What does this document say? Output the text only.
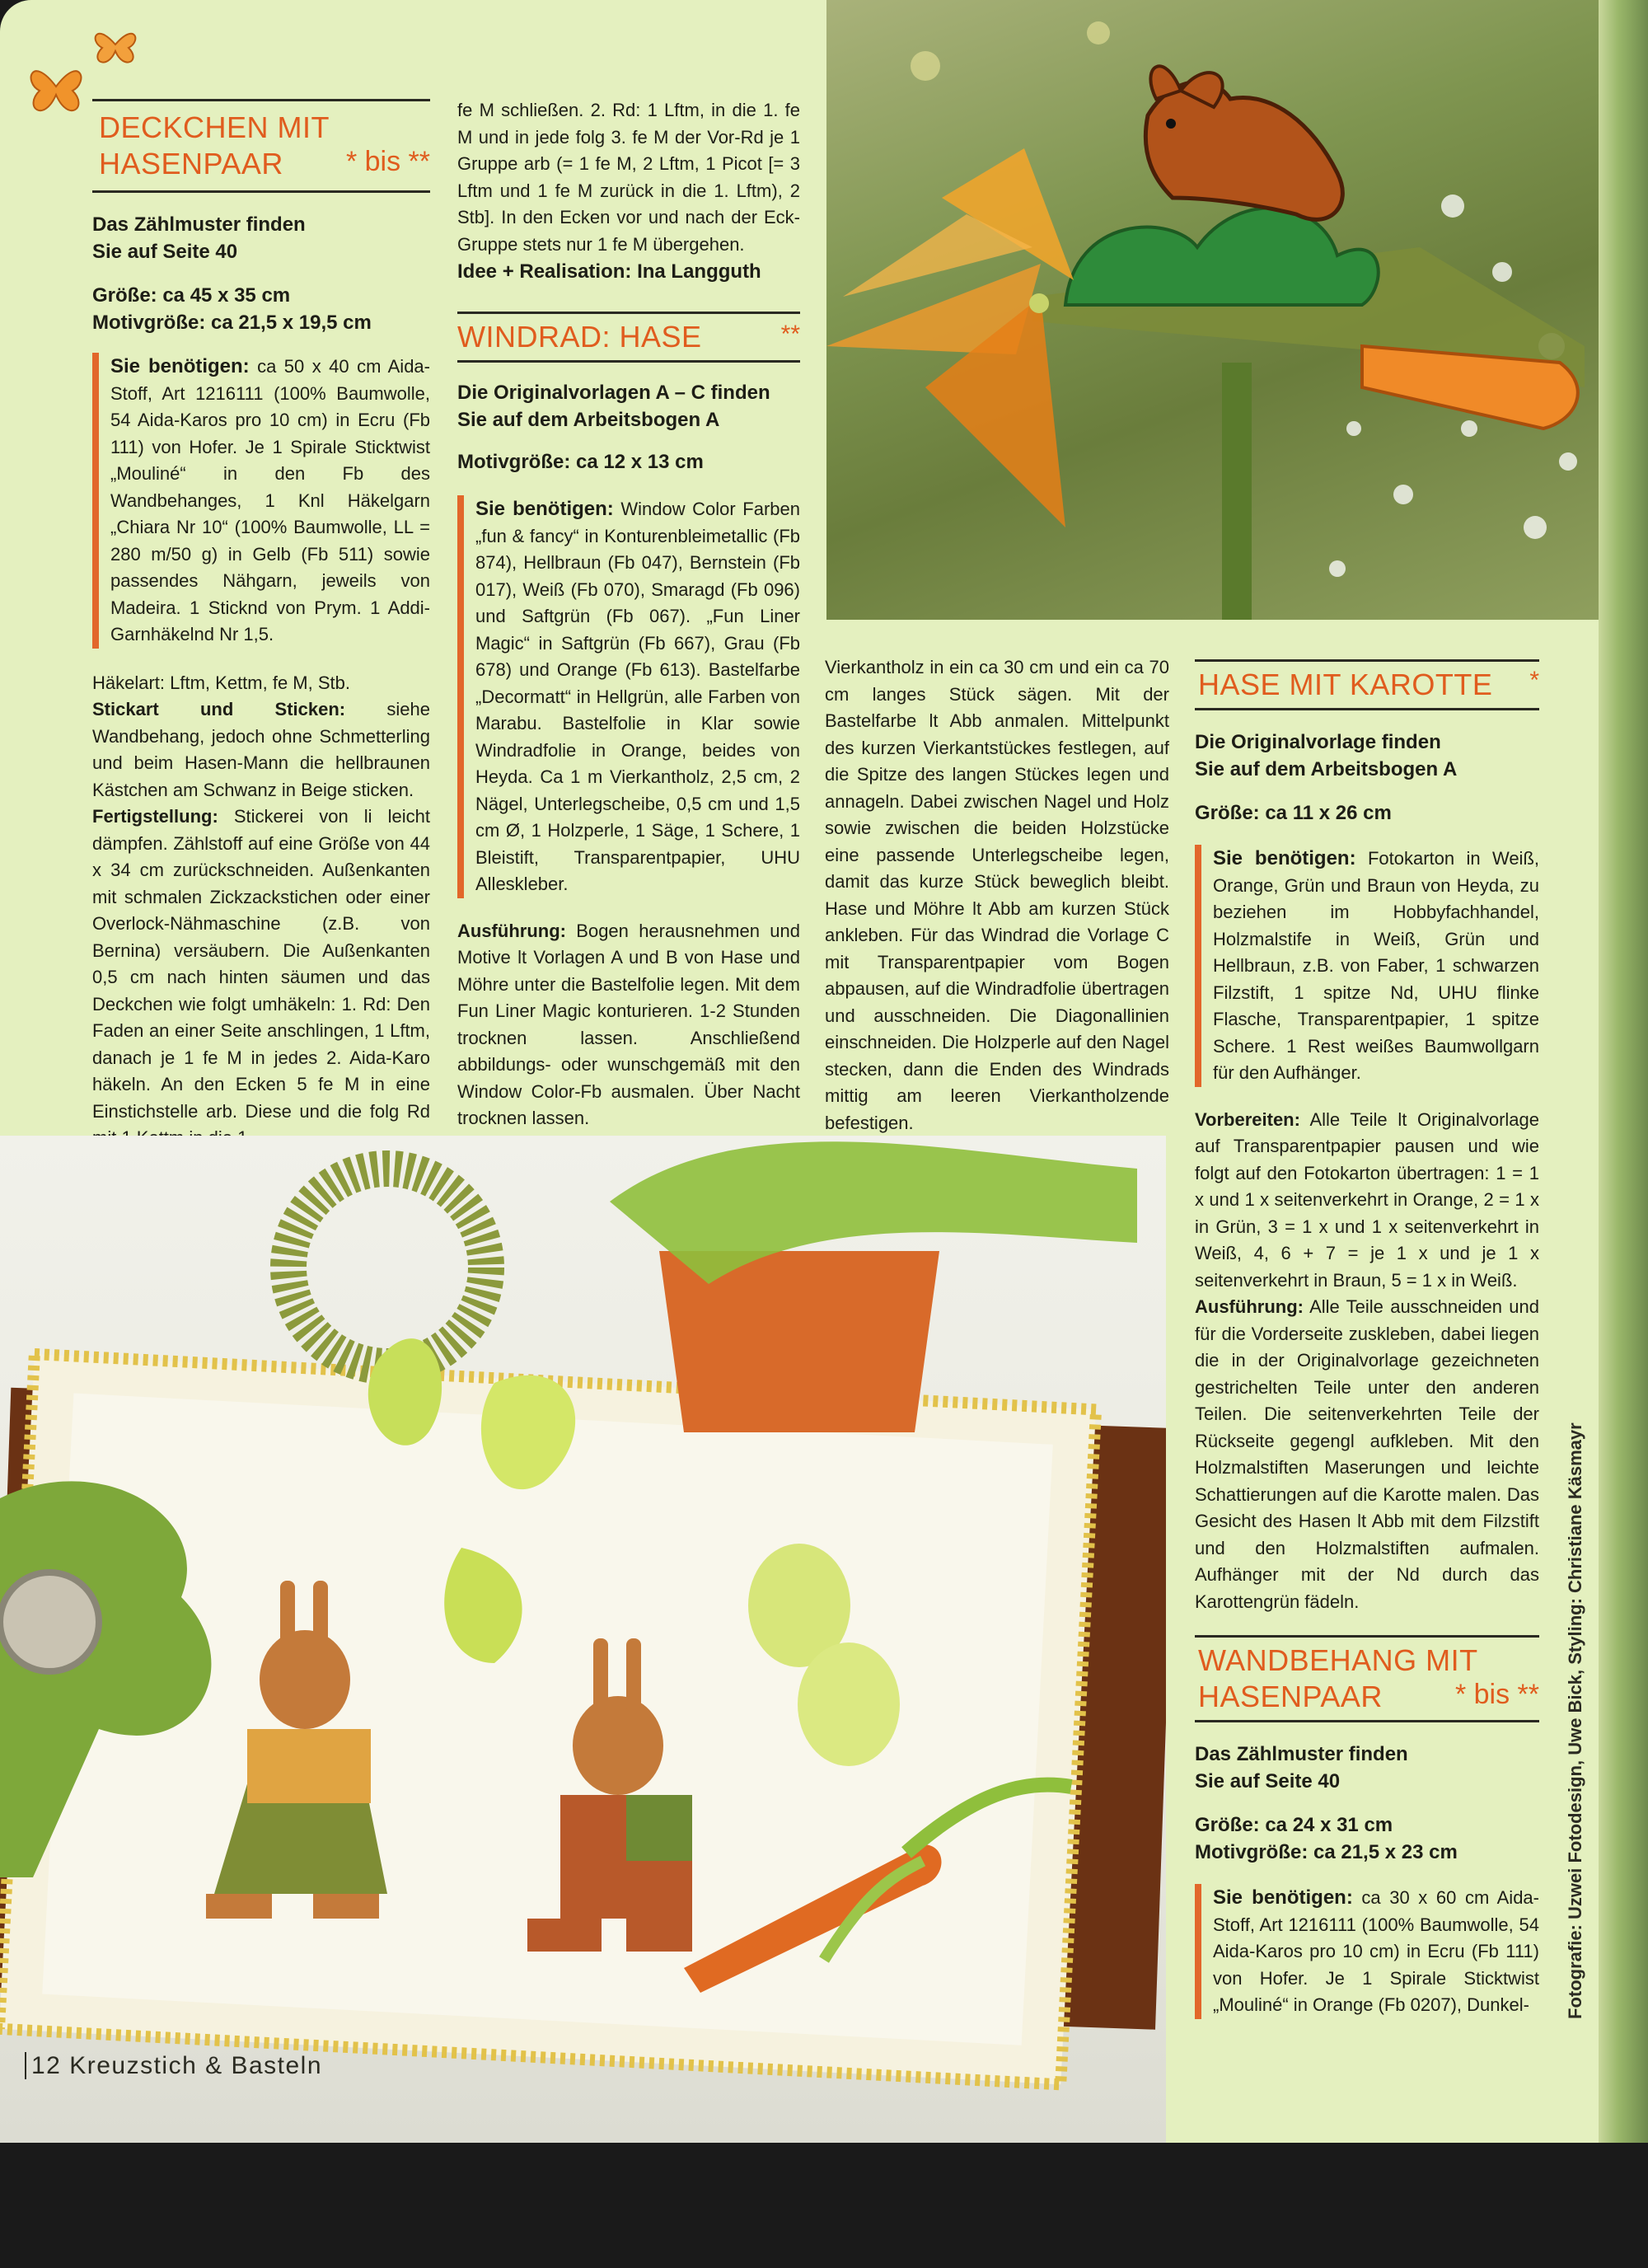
DECKCHEN MIT
HASENPAAR	* bis **
Das Zählmuster finden
Sie auf Seite 40
Größe: ca 45 x 35 cm
Motivgröße: ca 21,5 x 19,5 cm
Sie benötigen: ca 50 x 40 cm Aida-Stoff, Art 1216111 (100% Baumwolle, 54 Aida-Karos pro 10 cm) in Ecru (Fb 111) von Hofer. Je 1 Spirale Sticktwist „Mouliné“ in den Fb des Wandbehanges, 1 Knl Häkelgarn „Chiara Nr 10“ (100% Baumwolle, LL = 280 m/50 g) in Gelb (Fb 511) sowie passendes Nähgarn, jeweils von Madeira. 1 Sticknd von Prym. 1 Addi-Garnhäkelnd Nr 1,5.
Häkelart: Lftm, Kettm, fe M, Stb.
Stickart und Sticken: siehe Wandbehang, jedoch ohne Schmetterling und beim Hasen-Mann die hellbraunen Kästchen am Schwanz in Beige sticken.
Fertigstellung: Stickerei von li leicht dämpfen. Zählstoff auf eine Größe von 44 x 34 cm zurückschneiden. Außenkanten mit schmalen Zickzackstichen oder einer Overlock-Nähmaschine (z.B. von Bernina) versäubern. Die Außenkanten 0,5 cm nach hinten säumen und das Deckchen wie folgt umhäkeln: 1. Rd: Den Faden an einer Seite anschlingen, 1 Lftm, danach je 1 fe M in jedes 2. Aida-Karo häkeln. An den Ecken 5 fe M in eine Einstichstelle arb. Diese und die folg Rd
fe M schließen. 2. Rd: 1 Lftm, in die 1. fe M und in jede folg 3. fe M der Vor-Rd je 1 Gruppe arb (= 1 fe M, 2 Lftm, 1 Picot [= 3 Lftm und 1 fe M zurück in die 1. Lftm), 2 Stb]. In den Ecken vor und nach der Eck-Gruppe stets nur 1 fe M übergehen.
Idee + Realisation: Ina Langguth
WINDRAD: HASE	**
Die Originalvorlagen A – C finden
Sie auf dem Arbeitsbogen A
Motivgröße: ca 12 x 13 cm
Sie benötigen: Window Color Farben „fun & fancy“ in Konturenbleimetallic (Fb 874), Hellbraun (Fb 047), Bernstein (Fb 017), Weiß (Fb 070), Smaragd (Fb 096) und Saftgrün (Fb 067). „Fun Liner Magic“ in Saftgrün (Fb 667), Grau (Fb 678) und Orange (Fb 613). Bastelfarbe „Decormatt“ in Hellgrün, alle Farben von Marabu. Bastelfolie in Klar sowie Windradfolie in Orange, beides von Heyda. Ca 1 m Vierkantholz, 2,5 cm, 2 Nägel, Unterlegscheibe, 0,5 cm und 1,5 cm Ø, 1 Holzperle, 1 Säge, 1 Schere, 1 Bleistift, Transparentpapier, UHU Alleskleber.
Ausführung: Bogen herausnehmen und Motive lt Vorlagen A und B von Hase und Möhre unter die Bastelfolie legen. Mit dem Fun Liner Magic konturieren. 1-2 Stunden trocknen lassen. Anschließend abbildungs- oder wunschgemäß mit den Window Color-Fb ausmalen. Über Nacht trocknen lassen.
Vierkantholz in ein ca 30 cm und ein ca 70 cm langes Stück sägen. Mit der Bastelfarbe lt Abb anmalen. Mittelpunkt des kurzen Vierkantstückes festlegen, auf die Spitze des langen Stückes legen und annageln. Dabei zwischen Nagel und Holz sowie zwischen die beiden Holzstücke eine passende Unterlegscheibe legen, damit das kurze Stück beweglich bleibt. Hase und Möhre lt Abb am kurzen Stück ankleben. Für das Windrad die Vorlage C mit Transparentpapier vom Bogen abpausen, auf die Windradfolie übertragen und ausschneiden. Die Diagonallinien einschneiden. Die Holzperle auf den Nagel stecken, dann die Enden des Windrads mittig am leeren Vierkantholzende befestigen.
HASE MIT KAROTTE	*
Die Originalvorlage finden
Sie auf dem Arbeitsbogen A
Größe: ca 11 x 26 cm
Sie benötigen: Fotokarton in Weiß, Orange, Grün und Braun von Heyda, zu beziehen im Hobbyfachhandel, Holzmalstife in Weiß, Grün und Hellbraun, z.B. von Faber, 1 schwarzen Filzstift, 1 spitze Nd, UHU flinke Flasche, Transparentpapier, 1 spitze Schere. 1 Rest weißes Baumwollgarn für den Aufhänger.
Vorbereiten: Alle Teile lt Originalvorlage auf Transparentpapier pausen und wie folgt auf den Fotokarton übertragen: 1 = 1 x und 1 x seitenverkehrt in Orange, 2 = 1 x in Grün, 3 = 1 x und 1 x seitenverkehrt in Weiß, 4, 6 + 7 = je 1 x und je 1 x seitenverkehrt in Braun, 5 = 1 x in Weiß.
Ausführung: Alle Teile ausschneiden und für die Vorderseite zuskleben, dabei liegen die in der Originalvorlage gezeichneten gestrichelten Teile unter den anderen Teilen. Die seitenverkehrten Teile der Rückseite gegengl aufkleben. Mit den Holzmalstiften Maserungen und leichte Schattierungen auf die Karotte malen. Das Gesicht des Hasen lt Abb mit dem Filzstift und den Holzmalstiften aufmalen. Aufhänger mit der Nd durch das Karottengrün fädeln.
WANDBEHANG MIT
HASENPAAR	* bis **
Das Zählmuster finden
Sie auf Seite 40
Größe: ca 24 x 31 cm
Motivgröße: ca 21,5 x 23 cm
Sie benötigen: ca 30 x 60 cm Aida-Stoff, Art 1216111 (100% Baumwolle, 54 Aida-Karos pro 10 cm) in Ecru (Fb 111) von Hofer. Je 1 Spirale Sticktwist „Mouliné“ in Orange (Fb 0207), Dunkel-	Fotografie: Uzwei Fotodesign, Uwe Bick, Styling: Christiane Käsmayr
12 Kreuzstich & Basteln
